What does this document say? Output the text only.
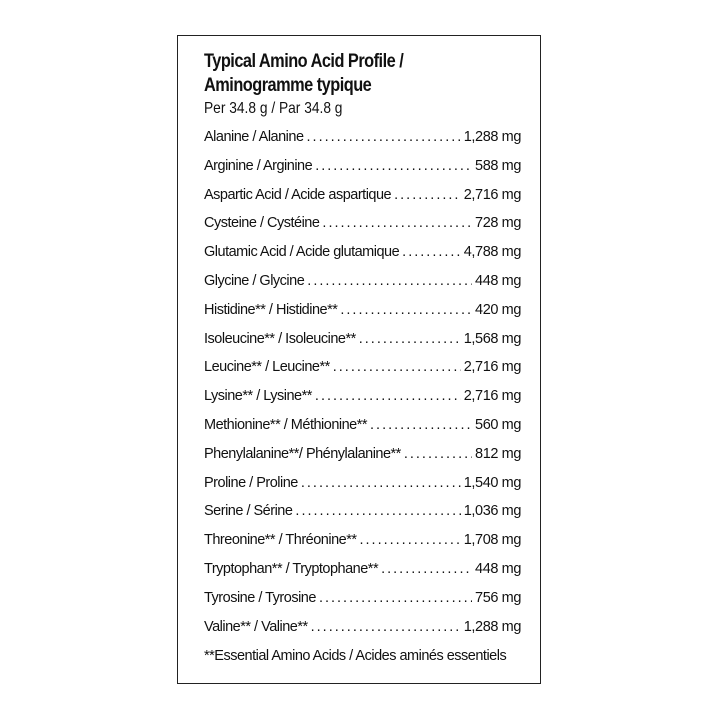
Typical Amino Acid Profile /
Aminogramme typique
Per 34.8 g / Par 34.8 g
Alanine / Alanine .....	1,288 mg
Arginine / Arginine .....	588 mg
Aspartic Acid / Acide aspartique .....	2,716 mg
Cysteine / Cystéine .....	728 mg
Glutamic Acid / Acide glutamique .....	4,788 mg
Glycine / Glycine .....	448 mg
Histidine** / Histidine** .....	420 mg
Isoleucine** / Isoleucine** .....	1,568 mg
Leucine** / Leucine** .....	2,716 mg
Lysine** / Lysine** .....	2,716 mg
Methionine** / Méthionine** .....	560 mg
Phenylalanine**/ Phénylalanine** .....	812 mg
Proline / Proline .....	1,540 mg
Serine / Sérine .....	1,036 mg
Threonine** / Thréonine** .....	1,708 mg
Tryptophan** / Tryptophane** .....	448 mg
Tyrosine / Tyrosine .....	756 mg
Valine** / Valine** .....	1,288 mg
**Essential Amino Acids / Acides aminés essentiels
